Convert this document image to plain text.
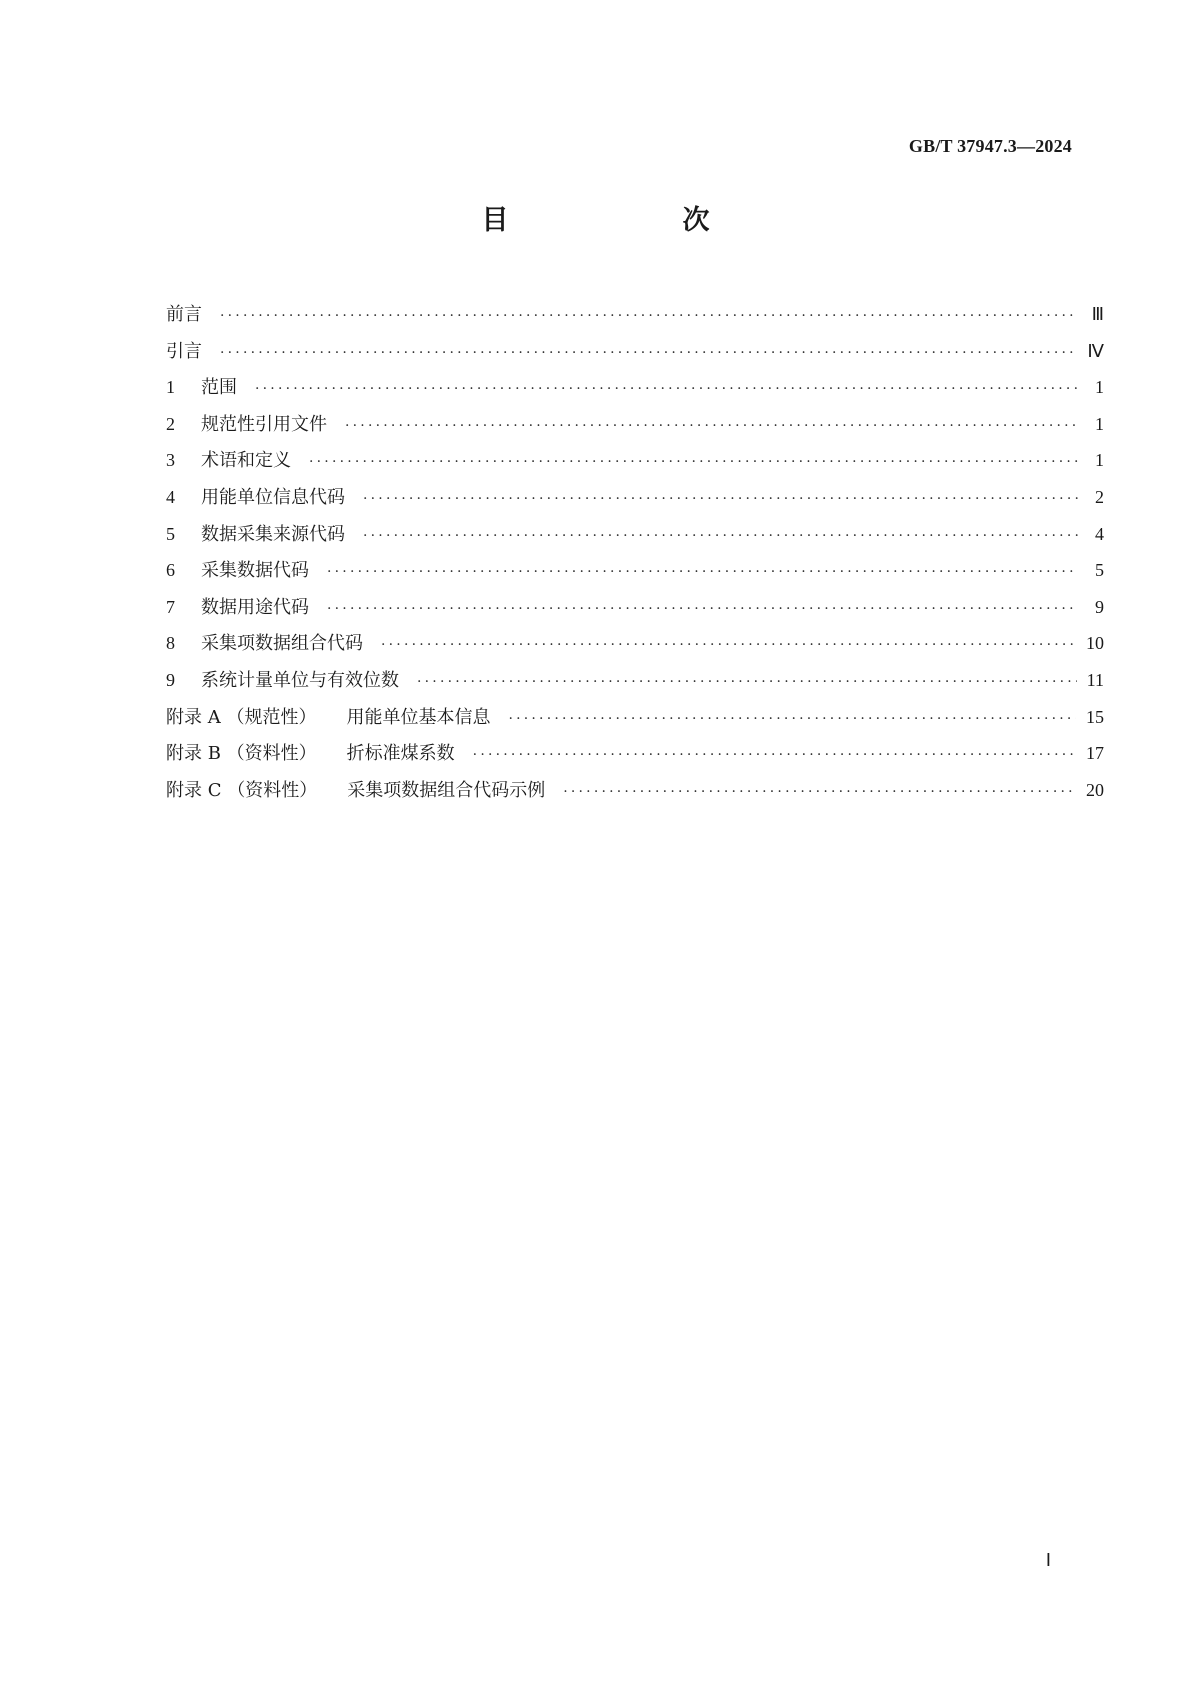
GB/T 37947.3—2024
目　　次
前言 ·····	Ⅲ
引言 ·····	Ⅳ
1 范围 ·····	1
2 规范性引用文件 ·····	1
3 术语和定义 ·····	1
4 用能单位信息代码 ·····	2
5 数据采集来源代码 ·····	4
6 采集数据代码 ·····	5
7 数据用途代码 ·····	9
8 采集项数据组合代码 ·····	10
9 系统计量单位与有效位数 ·····	11
附录 A （规范性） 用能单位基本信息 ·····	15
附录 B （资料性） 折标准煤系数 ·····	17
附录 C （资料性） 采集项数据组合代码示例 ·····	20
Ⅰ
